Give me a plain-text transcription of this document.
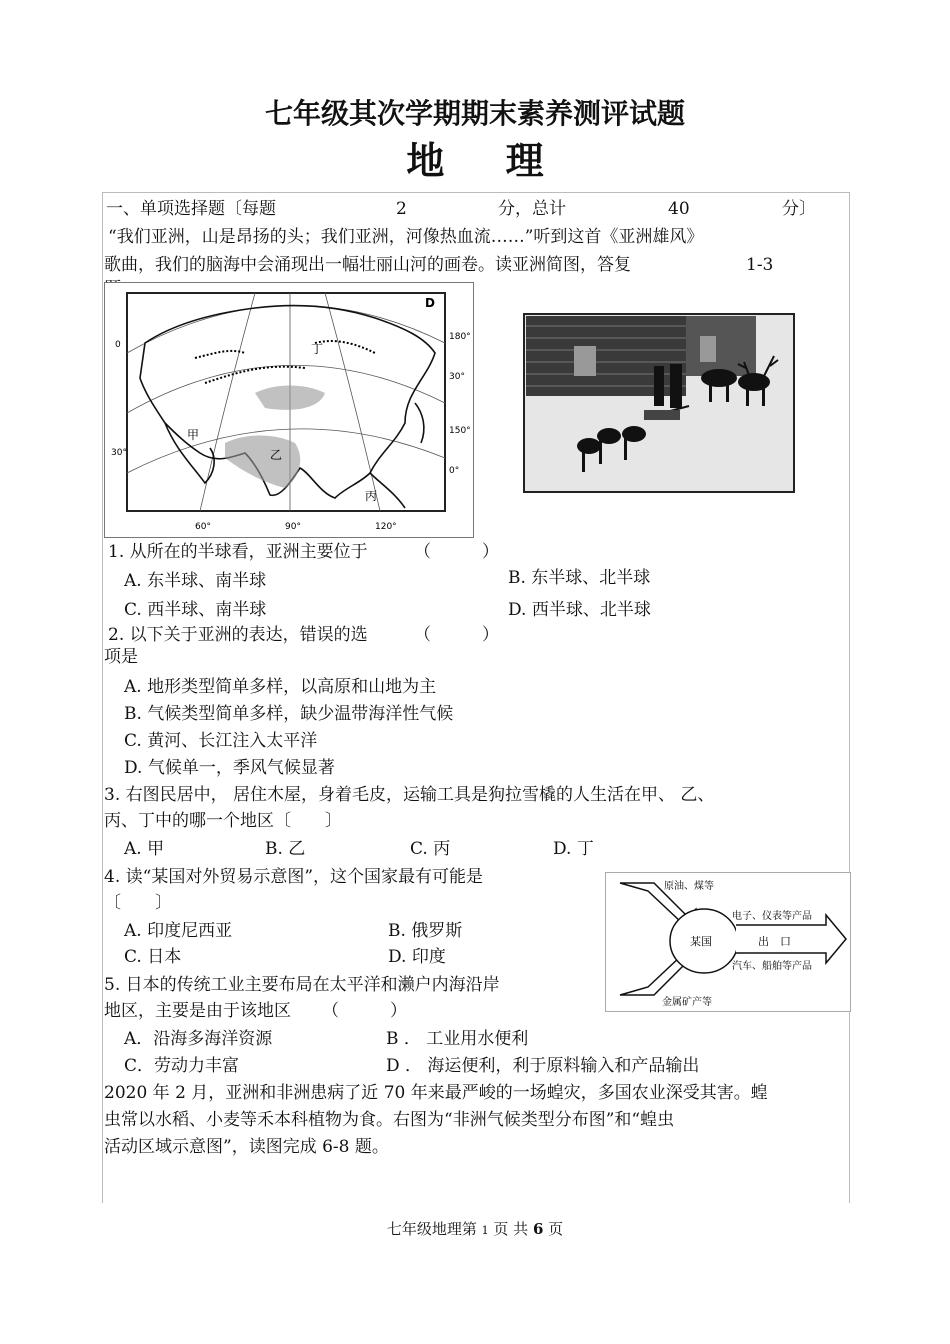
七年级其次学期期末素养测评试题
地 理
一、单项选择题〔每题	2	分，总计	40	分〕
“我们亚洲，山是昂扬的头；我们亚洲，河像热血流……”听到这首《亚洲雄风》
歌曲，我们的脑海中会涌现出一幅壮丽山河的画卷。读亚洲简图，答复	1-3
甲
乙
丙
丁
D
60°	90°	120°
180°
30°
150°
0°
30°
0
1. 从所在的半球看，亚洲主要位于	（　　　）
A. 东半球、南半球	B. 东半球、北半球
C. 西半球、南半球	D. 西半球、北半球
2. 以下关于亚洲的表达，错误的选	（　　　）
项是
A. 地形类型简单多样，以高原和山地为主
B. 气候类型简单多样，缺少温带海洋性气候
C. 黄河、长江注入太平洋
D. 气候单一，季风气候显著
3. 右图民居中， 居住木屋，身着毛皮，运输工具是狗拉雪橇的人生活在甲、 乙、
丙、丁中的哪一个地区〔　　〕
A. 甲	B. 乙	C. 丙	D. 丁
4. 读“某国对外贸易示意图”，这个国家最有可能是
〔　　〕
A. 印度尼西亚	B. 俄罗斯
C. 日本	D. 印度
原油、煤等
金属矿产等
某国
电子、仪表等产品
出　口
汽车、船舶等产品
5. 日本的传统工业主要布局在太平洋和濑户内海沿岸
地区，主要是由于该地区 （　　　）
A．沿海多海洋资源	B ． 工业用水便利
C．劳动力丰富	D ． 海运便利，利于原料输入和产品输出
2020 年 2 月，亚洲和非洲患病了近 70 年来最严峻的一场蝗灾，多国农业深受其害。蝗
虫常以水稻、小麦等禾本科植物为食。右图为“非洲气候类型分布图”和“蝗虫
活动区域示意图”，读图完成 6-8 题。
七年级地理第 1 页 共 6 页
